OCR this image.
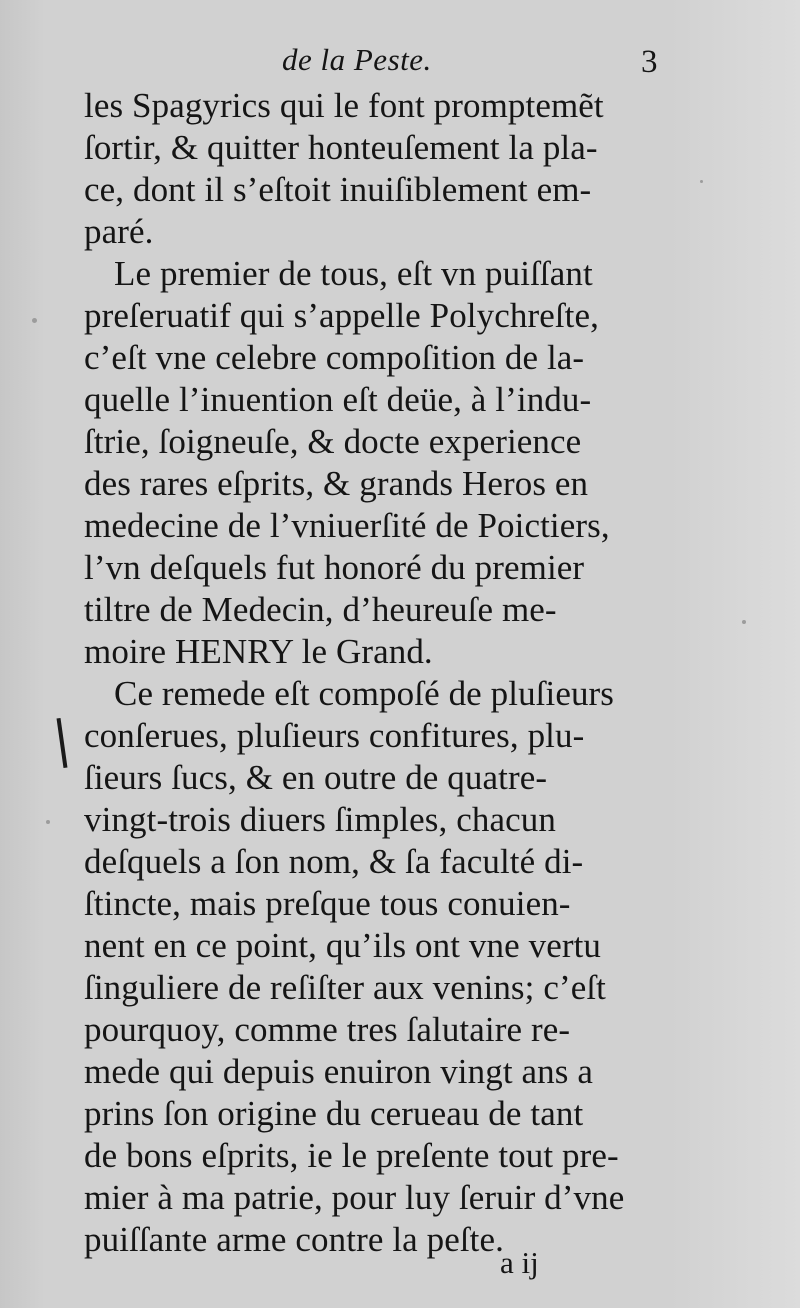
de la Peste.	3
les Spagyrics qui le font promptemẽt
ſortir, & quitter honteuſement la pla-
ce, dont il s’eſtoit inuiſiblement em-
paré.
Le premier de tous, eſt vn puiſſant
preſeruatif qui s’appelle Polychreſte,
c’eſt vne celebre compoſition de la-
quelle l’inuention eſt deüe, à l’indu-
ſtrie, ſoigneuſe, & docte experience
des rares eſprits, & grands Heros en
medecine de l’vniuerſité de Poictiers,
l’vn deſquels fut honoré du premier
tiltre de Medecin, d’heureuſe me-
moire HENRY le Grand.
Ce remede eſt compoſé de pluſieurs
conſerues, pluſieurs confitures, plu-
ſieurs ſucs, & en outre de quatre-
vingt-trois diuers ſimples, chacun
deſquels a ſon nom, & ſa faculté di-
ſtincte, mais preſque tous conuien-
nent en ce point, qu’ils ont vne vertu
ſinguliere de reſiſter aux venins; c’eſt
pourquoy, comme tres ſalutaire re-
mede qui depuis enuiron vingt ans a
prins ſon origine du cerueau de tant
de bons eſprits, ie le preſente tout pre-
mier à ma patrie, pour luy ſeruir d’vne
puiſſante arme contre la peſte.
a ij
